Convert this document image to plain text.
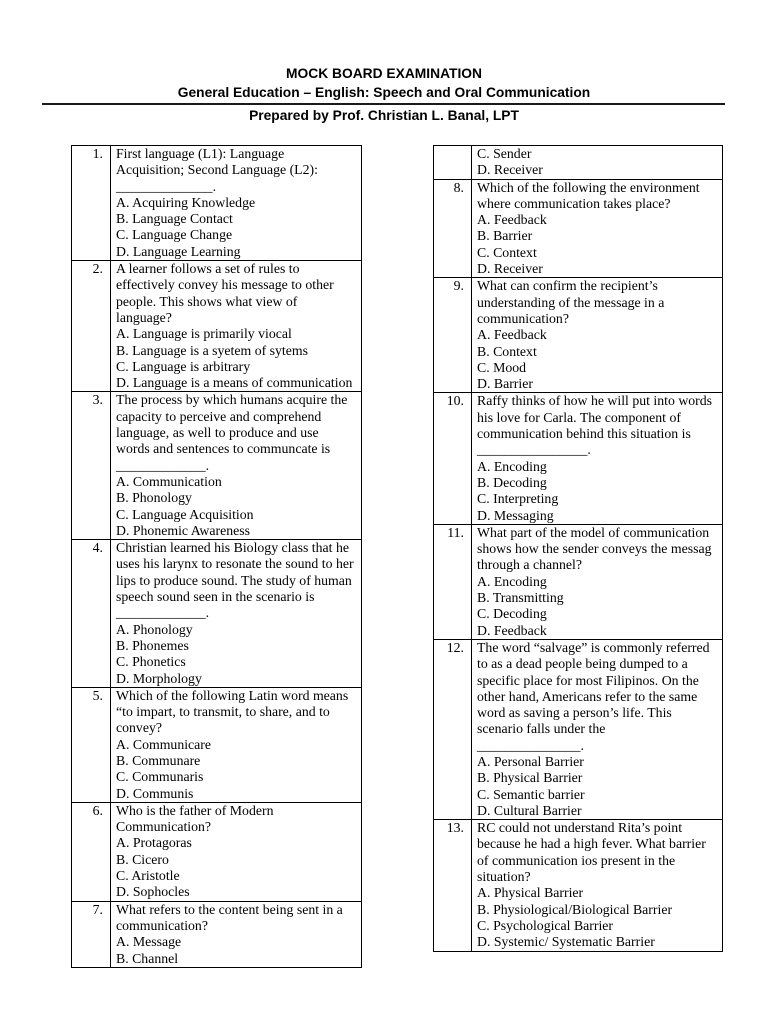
MOCK BOARD EXAMINATION
General Education – English: Speech and Oral Communication
Prepared by Prof. Christian L. Banal, LPT
1. First language (L1): Language
Acquisition; Second Language (L2):
______________.
A. Acquiring Knowledge
B. Language Contact
C. Language Change
D. Language Learning
2. A learner follows a set of rules to
effectively convey his message to other
people. This shows what view of
language?
A. Language is primarily viocal
B. Language is a syetem of sytems
C. Language is arbitrary
D. Language is a means of communication
3. The process by which humans acquire the
capacity to perceive and comprehend
language, as well to produce and use
words and sentences to communcate is
_____________.
A. Communication
B. Phonology
C. Language Acquisition
D. Phonemic Awareness
4. Christian learned his Biology class that he
uses his larynx to resonate the sound to her
lips to produce sound. The study of human
speech sound seen in the scenario is
_____________.
A. Phonology
B. Phonemes
C. Phonetics
D. Morphology
5. Which of the following Latin word means
“to impart, to transmit, to share, and to
convey?
A. Communicare
B. Communare
C. Communaris
D. Communis
6. Who is the father of Modern
Communication?
A. Protagoras
B. Cicero
C. Aristotle
D. Sophocles
7. What refers to the content being sent in a
communication?
A. Message
B. Channel
C. Sender
D. Receiver
8. Which of the following the environment
where communication takes place?
A. Feedback
B. Barrier
C. Context
D. Receiver
9. What can confirm the recipient’s
understanding of the message in a
communication?
A. Feedback
B. Context
C. Mood
D. Barrier
10. Raffy thinks of how he will put into words
his love for Carla. The component of
communication behind this situation is
________________.
A. Encoding
B. Decoding
C. Interpreting
D. Messaging
11. What part of the model of communication
shows how the sender conveys the messag
through a channel?
A. Encoding
B. Transmitting
C. Decoding
D. Feedback
12. The word “salvage” is commonly referred
to as a dead people being dumped to a
specific place for most Filipinos. On the
other hand, Americans refer to the same
word as saving a person’s life. This
scenario falls under the
_______________.
A. Personal Barrier
B. Physical Barrier
C. Semantic barrier
D. Cultural Barrier
13. RC could not understand Rita’s point
because he had a high fever. What barrier
of communication ios present in the
situation?
A. Physical Barrier
B. Physiological/Biological Barrier
C. Psychological Barrier
D. Systemic/ Systematic Barrier
